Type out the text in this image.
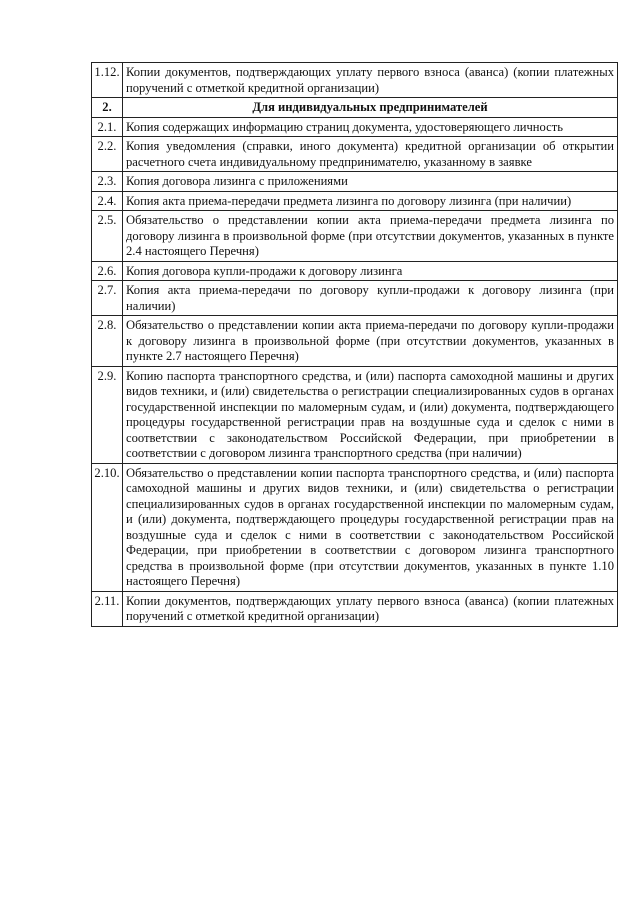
1.12.	Копии документов, подтверждающих уплату первого взноса (аванса) (копии платежных поручений с отметкой кредитной организации)
2.	Для индивидуальных предпринимателей
2.1.	Копия содержащих информацию страниц документа, удостоверяющего личность
2.2.	Копия уведомления (справки, иного документа) кредитной организации об открытии расчетного счета индивидуальному предпринимателю, указанному в заявке
2.3.	Копия договора лизинга с приложениями
2.4.	Копия акта приема-передачи предмета лизинга по договору лизинга (при наличии)
2.5.	Обязательство о представлении копии акта приема-передачи предмета лизинга по договору лизинга в произвольной форме (при отсутствии документов, указанных в пункте 2.4 настоящего Перечня)
2.6.	Копия договора купли-продажи к договору лизинга
2.7.	Копия акта приема-передачи по договору купли-продажи к договору лизинга (при наличии)
2.8.	Обязательство о представлении копии акта приема-передачи по договору купли-продажи к договору лизинга в произвольной форме (при отсутствии документов, указанных в пункте 2.7 настоящего Перечня)
2.9.	Копию паспорта транспортного средства, и (или) паспорта самоходной машины и других видов техники, и (или) свидетельства о регистрации специализированных судов в органах государственной инспекции по маломерным судам, и (или) документа, подтверждающего процедуры государственной регистрации прав на воздушные суда и сделок с ними в соответствии с законодательством Российской Федерации, при приобретении в соответствии с договором лизинга транспортного средства (при наличии)
2.10.	Обязательство о представлении копии паспорта транспортного средства, и (или) паспорта самоходной машины и других видов техники, и (или) свидетельства о регистрации специализированных судов в органах государственной инспекции по маломерным судам, и (или) документа, подтверждающего процедуры государственной регистрации прав на воздушные суда и сделок с ними в соответствии с законодательством Российской Федерации, при приобретении в соответствии с договором лизинга транспортного средства в произвольной форме (при отсутствии документов, указанных в пункте 1.10 настоящего Перечня)
2.11.	Копии документов, подтверждающих уплату первого взноса (аванса) (копии платежных поручений с отметкой кредитной организации)
